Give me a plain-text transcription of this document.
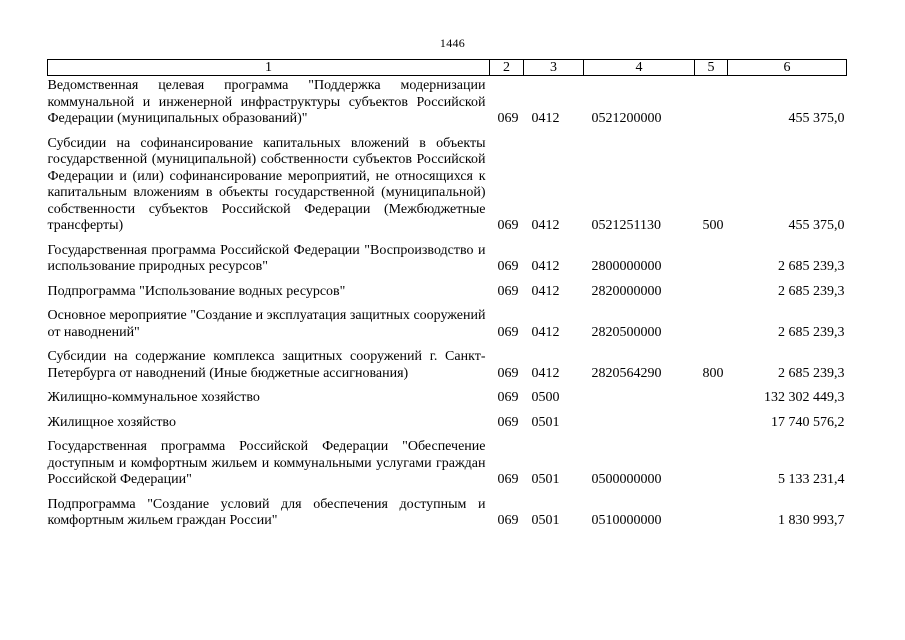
1446
1	2	3	4	5	6
Ведомственная целевая программа "Поддержка модернизации коммунальной и инженерной инфраструктуры субъектов Российской Федерации (муниципальных образований)"	069	0412	0521200000		455 375,0
Субсидии на софинансирование капитальных вложений в объекты государственной (муниципальной) собственности субъектов Российской Федерации и (или) софинансирование мероприятий, не относящихся к капитальным вложениям в объекты государственной (муниципальной) собственности субъектов Российской Федерации (Межбюджетные трансферты)	069	0412	0521251130	500	455 375,0
Государственная программа Российской Федерации "Воспроизводство и использование природных ресурсов"	069	0412	2800000000		2 685 239,3
Подпрограмма "Использование водных ресурсов"	069	0412	2820000000		2 685 239,3
Основное мероприятие "Создание и эксплуатация защитных сооружений от наводнений"	069	0412	2820500000		2 685 239,3
Субсидии на содержание комплекса защитных сооружений г. Санкт-Петербурга от наводнений (Иные бюджетные ассигнования)	069	0412	2820564290	800	2 685 239,3
Жилищно-коммунальное хозяйство	069	0500			132 302 449,3
Жилищное хозяйство	069	0501			17 740 576,2
Государственная программа Российской Федерации "Обеспечение доступным и комфортным жильем и коммунальными услугами граждан Российской Федерации"	069	0501	0500000000		5 133 231,4
Подпрограмма "Создание условий для обеспечения доступным и комфортным жильем граждан России"	069	0501	0510000000		1 830 993,7
